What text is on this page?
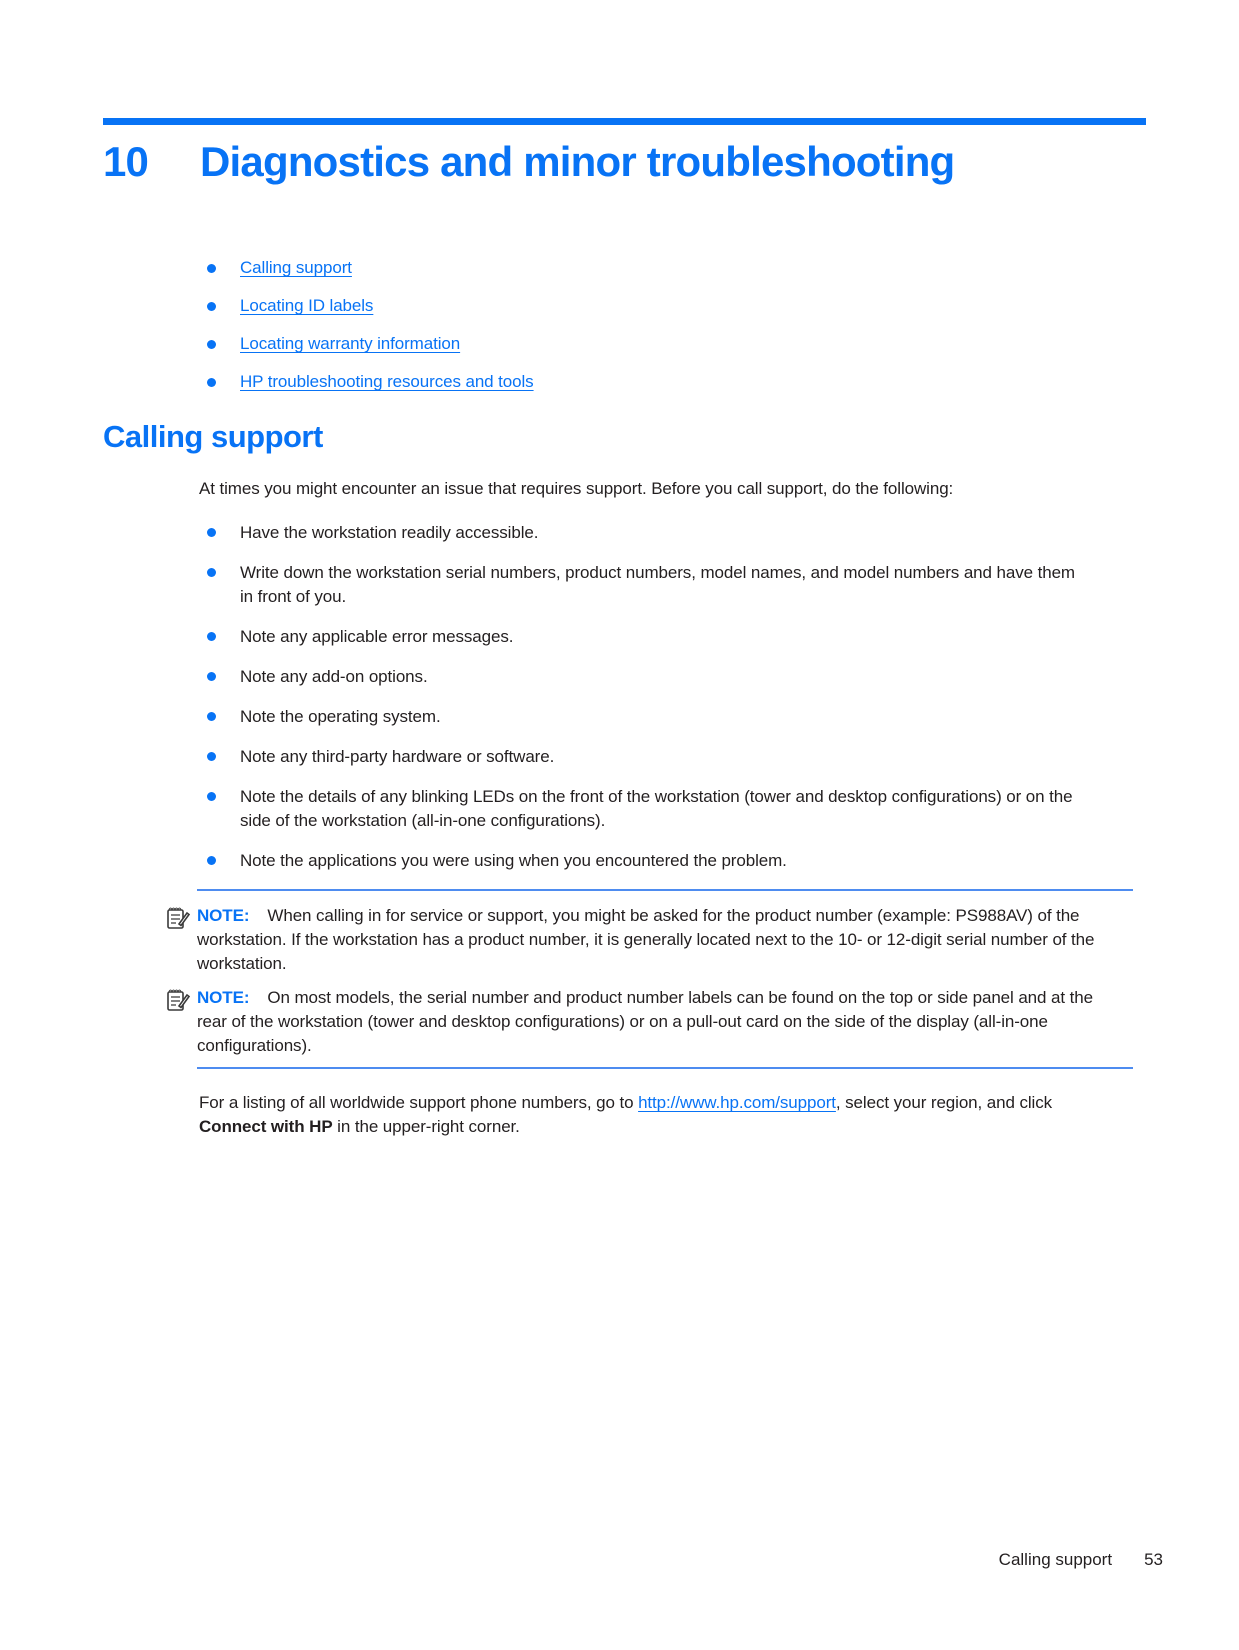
10	Diagnostics and minor troubleshooting
Calling support
Locating ID labels
Locating warranty information
HP troubleshooting resources and tools
Calling support

At times you might encounter an issue that requires support. Before you call support, do the following:

Have the workstation readily accessible.
Write down the workstation serial numbers, product numbers, model names, and model numbers and have them in front of you.
Note any applicable error messages.
Note any add-on options.
Note the operating system.
Note any third-party hardware or software.
Note the details of any blinking LEDs on the front of the workstation (tower and desktop configurations) or on the side of the workstation (all-in-one configurations).
Note the applications you were using when you encountered the problem.

NOTE: When calling in for service or support, you might be asked for the product number (example: PS988AV) of the workstation. If the workstation has a product number, it is generally located next to the 10- or 12-digit serial number of the workstation.

NOTE: On most models, the serial number and product number labels can be found on the top or side panel and at the rear of the workstation (tower and desktop configurations) or on a pull-out card on the side of the display (all-in-one configurations).

For a listing of all worldwide support phone numbers, go to http://www.hp.com/support, select your region, and click Connect with HP in the upper-right corner.

Calling support 53
